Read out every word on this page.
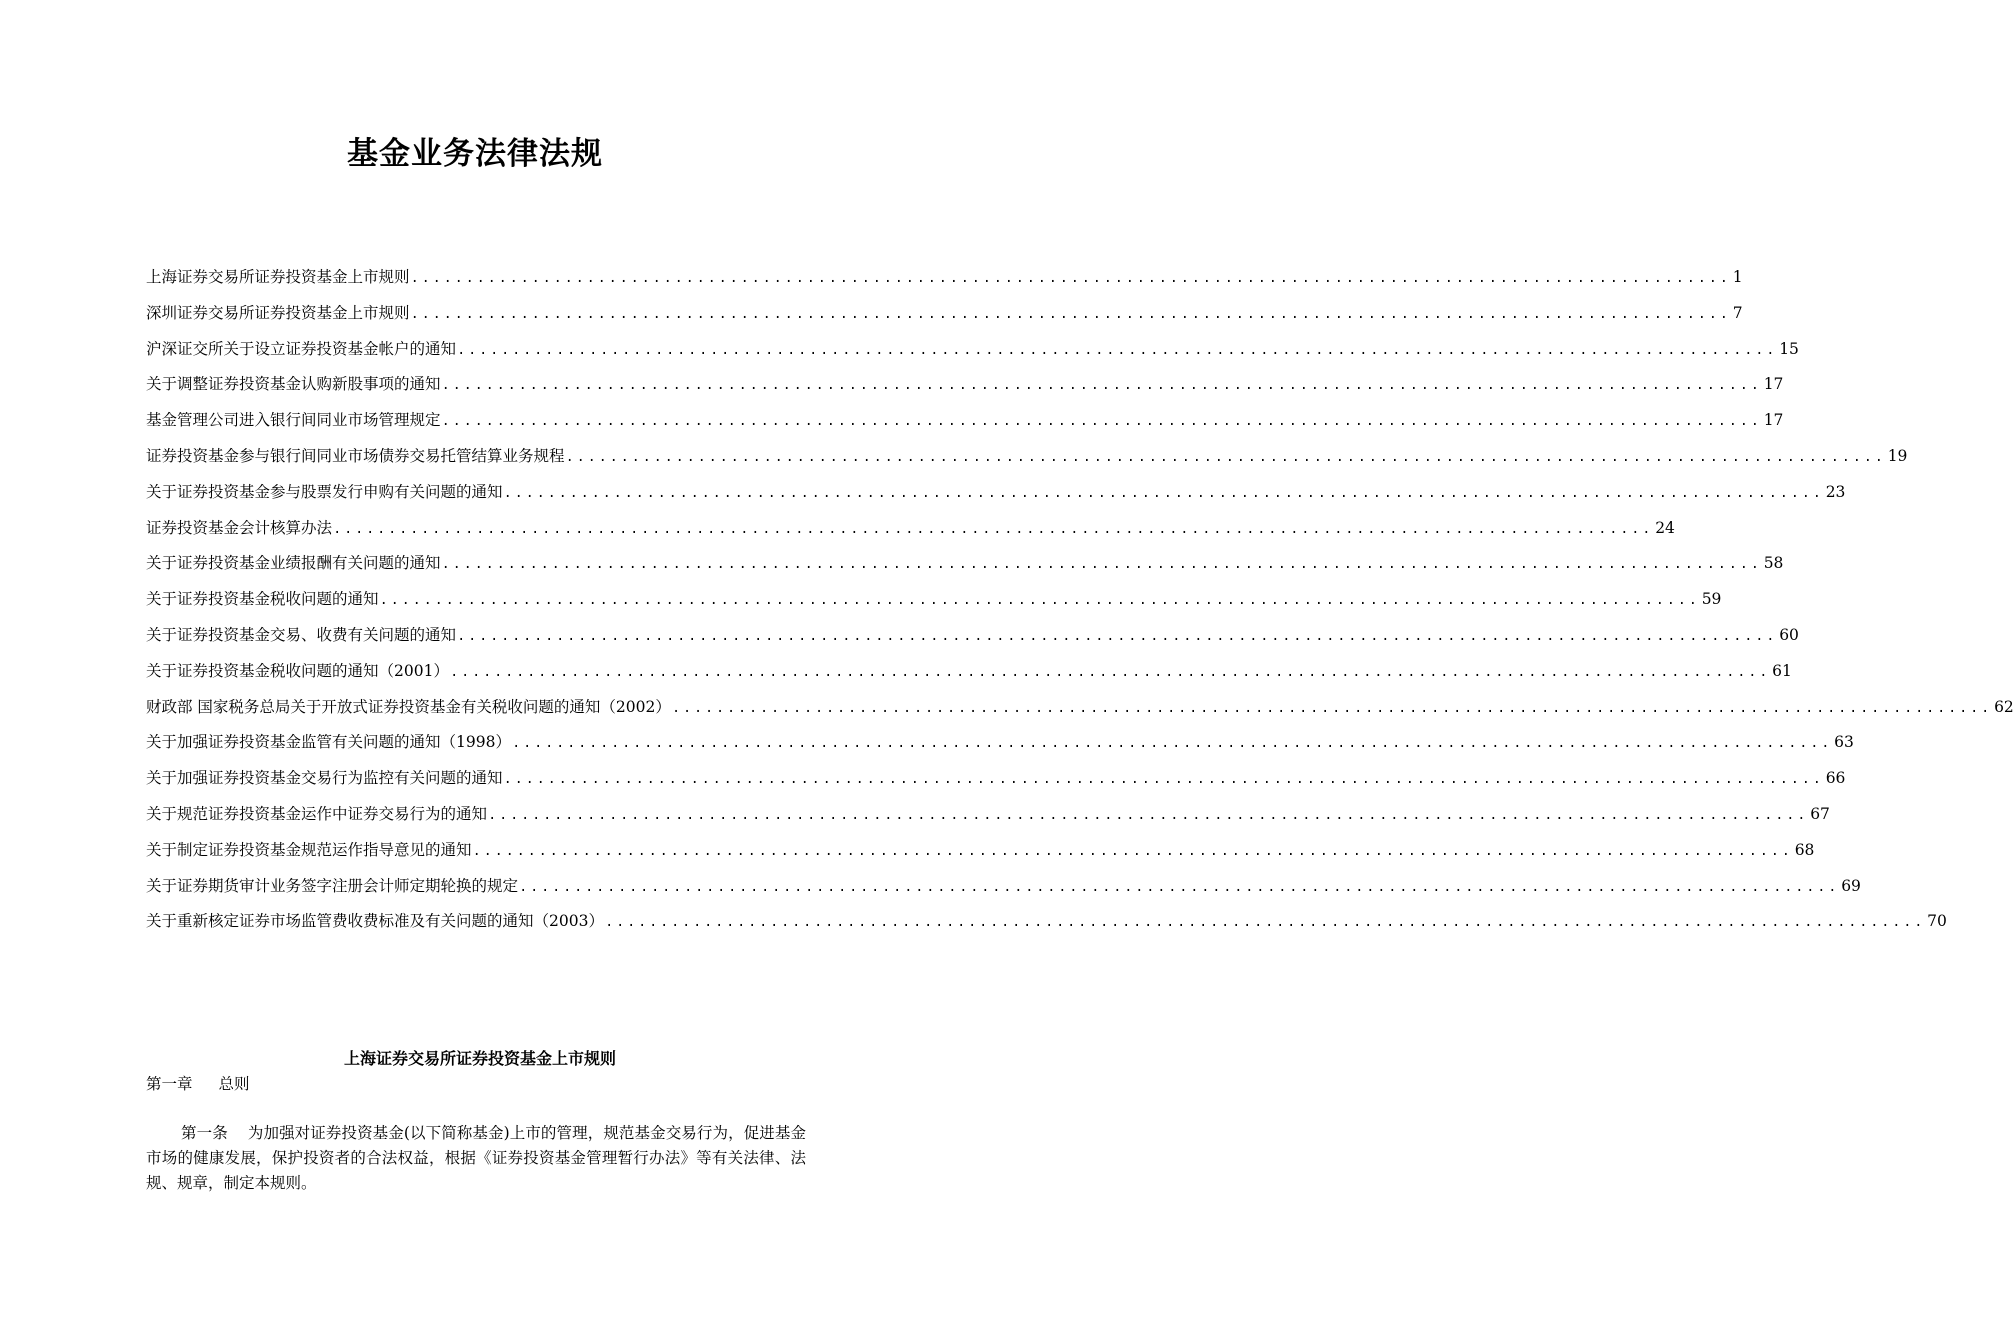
基金业务法律法规
上海证券交易所证券投资基金上市规则 ........................................................................................................................ 1
深圳证券交易所证券投资基金上市规则 ........................................................................................................................ 7
沪深证交所关于设立证券投资基金帐户的通知 ........................................................................................................................ 15
关于调整证券投资基金认购新股事项的通知 ........................................................................................................................ 17
基金管理公司进入银行间同业市场管理规定 ........................................................................................................................ 17
证券投资基金参与银行间同业市场债券交易托管结算业务规程 ........................................................................................................................ 19
关于证券投资基金参与股票发行申购有关问题的通知 ........................................................................................................................ 23
证券投资基金会计核算办法 ........................................................................................................................ 24
关于证券投资基金业绩报酬有关问题的通知 ........................................................................................................................ 58
关于证券投资基金税收问题的通知 ........................................................................................................................ 59
关于证券投资基金交易、收费有关问题的通知 ........................................................................................................................ 60
关于证券投资基金税收问题的通知（2001） ........................................................................................................................ 61
财政部 国家税务总局关于开放式证券投资基金有关税收问题的通知（2002） ........................................................................................................................ 62
关于加强证券投资基金监管有关问题的通知（1998） ........................................................................................................................ 63
关于加强证券投资基金交易行为监控有关问题的通知 ........................................................................................................................ 66
关于规范证券投资基金运作中证券交易行为的通知 ........................................................................................................................ 67
关于制定证券投资基金规范运作指导意见的通知 ........................................................................................................................ 68
关于证券期货审计业务签字注册会计师定期轮换的规定 ........................................................................................................................ 69
关于重新核定证券市场监管费收费标准及有关问题的通知（2003） ........................................................................................................................ 70
上海证券交易所证券投资基金上市规则
第一章 总则
第一条 为加强对证券投资基金(以下简称基金)上市的管理，规范基金交易行为，促进基金市场的健康发展，保护投资者的合法权益，根据《证券投资基金管理暂行办法》等有关法律、法规、规章，制定本规则。
